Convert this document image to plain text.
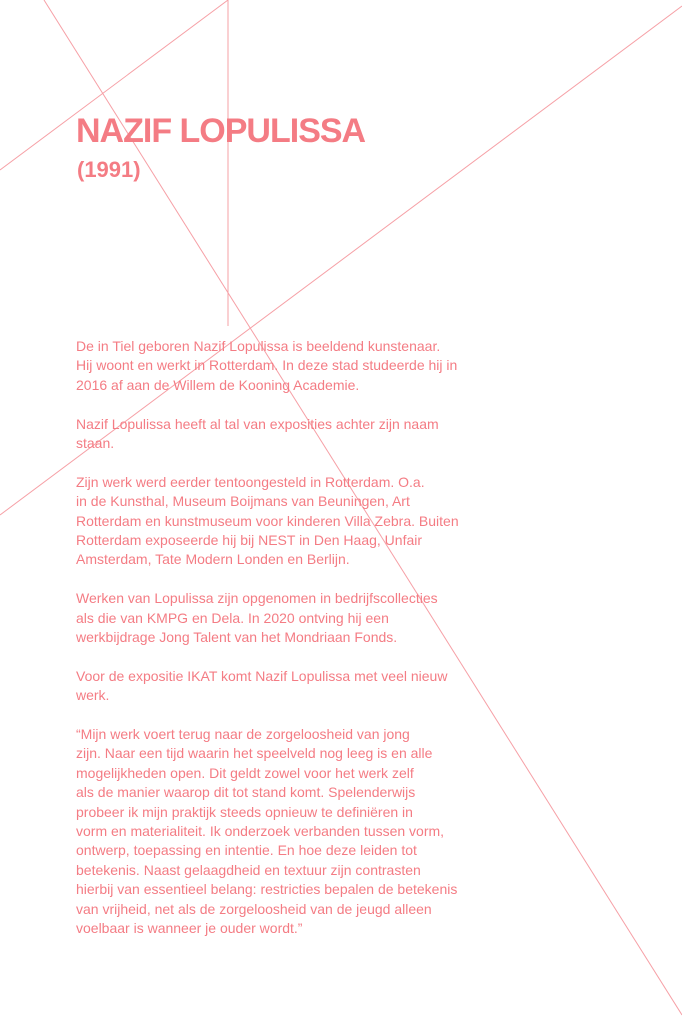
NAZIF LOPULISSA
(1991)

De in Tiel geboren Nazif Lopulissa is beeldend kunstenaar.
Hij woont en werkt in Rotterdam. In deze stad studeerde hij in
2016 af aan de Willem de Kooning Academie.

Nazif Lopulissa heeft al tal van exposities achter zijn naam
staan.

Zijn werk werd eerder tentoongesteld in Rotterdam. O.a.
in de Kunsthal, Museum Boijmans van Beuningen, Art
Rotterdam en kunstmuseum voor kinderen Villa Zebra. Buiten
Rotterdam exposeerde hij bij NEST in Den Haag, Unfair
Amsterdam, Tate Modern Londen en Berlijn.

Werken van Lopulissa zijn opgenomen in bedrijfscollecties
als die van KMPG en Dela. In 2020 ontving hij een
werkbijdrage Jong Talent van het Mondriaan Fonds.

Voor de expositie IKAT komt Nazif Lopulissa met veel nieuw
werk.

“Mijn werk voert terug naar de zorgeloosheid van jong
zijn. Naar een tijd waarin het speelveld nog leeg is en alle
mogelijkheden open. Dit geldt zowel voor het werk zelf
als de manier waarop dit tot stand komt. Spelenderwijs
probeer ik mijn praktijk steeds opnieuw te definiëren in
vorm en materialiteit. Ik onderzoek verbanden tussen vorm,
ontwerp, toepassing en intentie. En hoe deze leiden tot
betekenis. Naast gelaagdheid en textuur zijn contrasten
hierbij van essentieel belang: restricties bepalen de betekenis
van vrijheid, net als de zorgeloosheid van de jeugd alleen
voelbaar is wanneer je ouder wordt.”
